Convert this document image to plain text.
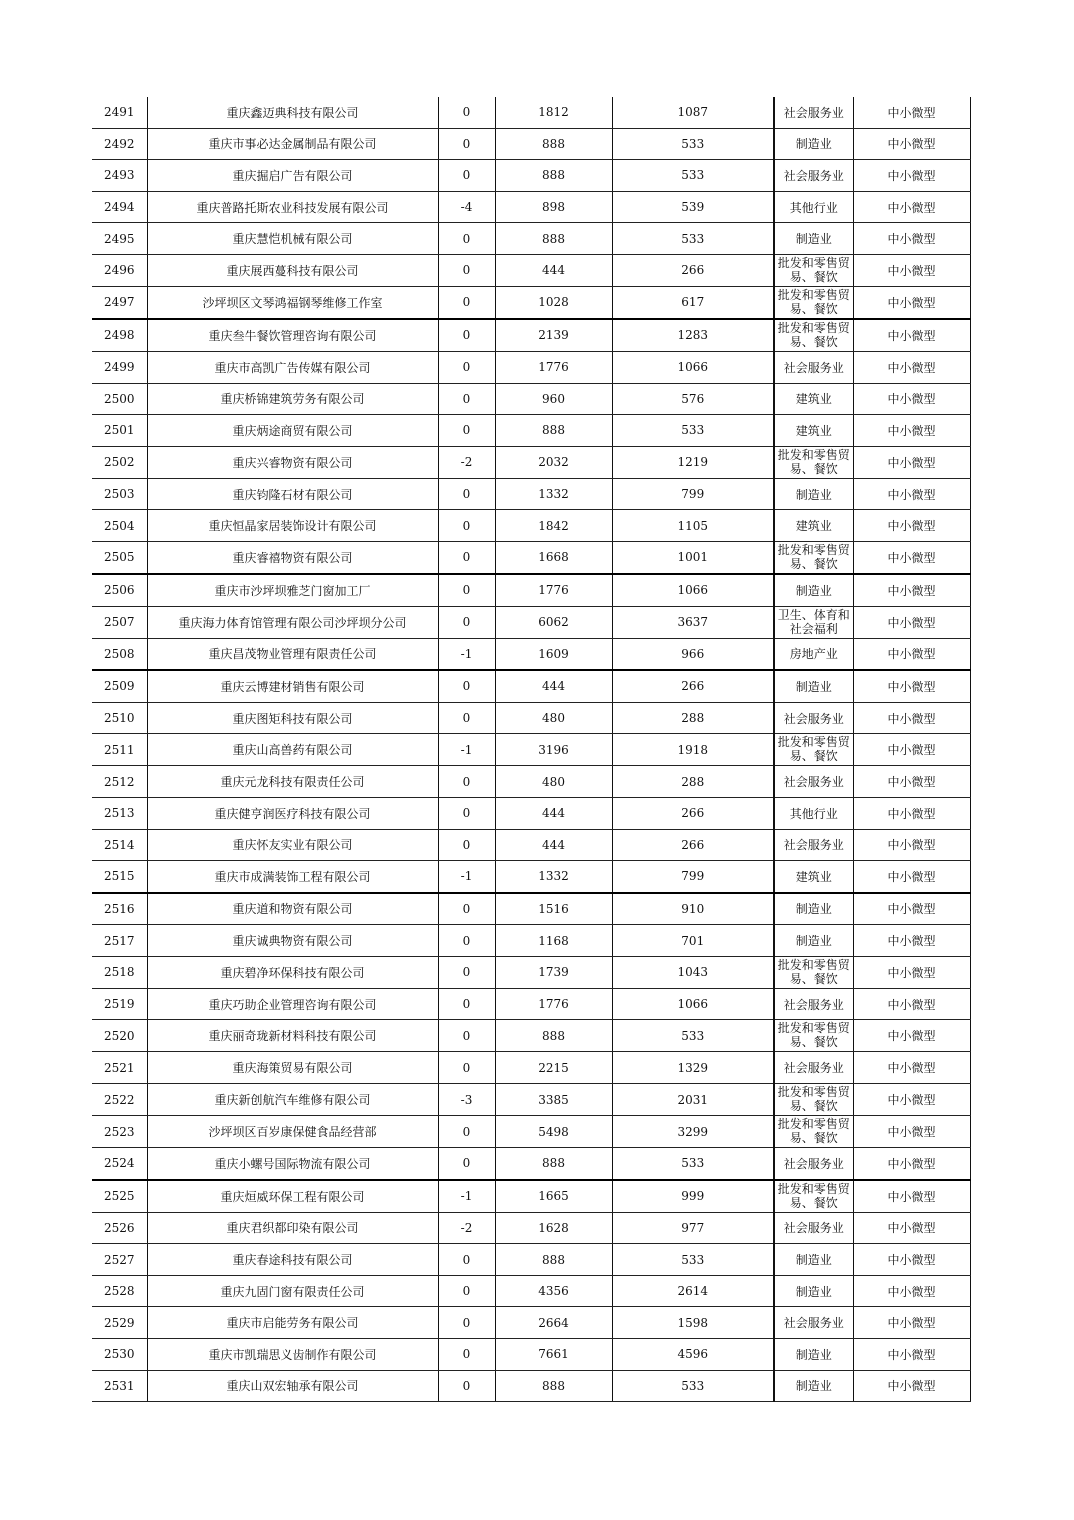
2491	重庆鑫迈典科技有限公司	0	1812	1087	社会服务业	中小微型
2492	重庆市事必达金属制品有限公司	0	888	533	制造业	中小微型
2493	重庆掘启广告有限公司	0	888	533	社会服务业	中小微型
2494	重庆普路托斯农业科技发展有限公司	-4	898	539	其他行业	中小微型
2495	重庆慧恺机械有限公司	0	888	533	制造业	中小微型
2496	重庆展西蔓科技有限公司	0	444	266	批发和零售贸易、餐饮	中小微型
2497	沙坪坝区文琴鸿福钢琴维修工作室	0	1028	617	批发和零售贸易、餐饮	中小微型
2498	重庆叁牛餐饮管理咨询有限公司	0	2139	1283	批发和零售贸易、餐饮	中小微型
2499	重庆市高凯广告传媒有限公司	0	1776	1066	社会服务业	中小微型
2500	重庆桥锦建筑劳务有限公司	0	960	576	建筑业	中小微型
2501	重庆炳途商贸有限公司	0	888	533	建筑业	中小微型
2502	重庆兴睿物资有限公司	-2	2032	1219	批发和零售贸易、餐饮	中小微型
2503	重庆钧隆石材有限公司	0	1332	799	制造业	中小微型
2504	重庆恒晶家居装饰设计有限公司	0	1842	1105	建筑业	中小微型
2505	重庆睿禧物资有限公司	0	1668	1001	批发和零售贸易、餐饮	中小微型
2506	重庆市沙坪坝雅芝门窗加工厂	0	1776	1066	制造业	中小微型
2507	重庆海力体育馆管理有限公司沙坪坝分公司	0	6062	3637	卫生、体育和社会福利	中小微型
2508	重庆昌茂物业管理有限责任公司	-1	1609	966	房地产业	中小微型
2509	重庆云博建材销售有限公司	0	444	266	制造业	中小微型
2510	重庆图矩科技有限公司	0	480	288	社会服务业	中小微型
2511	重庆山高兽药有限公司	-1	3196	1918	批发和零售贸易、餐饮	中小微型
2512	重庆元龙科技有限责任公司	0	480	288	社会服务业	中小微型
2513	重庆健亨润医疗科技有限公司	0	444	266	其他行业	中小微型
2514	重庆怀友实业有限公司	0	444	266	社会服务业	中小微型
2515	重庆市成满装饰工程有限公司	-1	1332	799	建筑业	中小微型
2516	重庆道和物资有限公司	0	1516	910	制造业	中小微型
2517	重庆诚典物资有限公司	0	1168	701	制造业	中小微型
2518	重庆碧净环保科技有限公司	0	1739	1043	批发和零售贸易、餐饮	中小微型
2519	重庆巧助企业管理咨询有限公司	0	1776	1066	社会服务业	中小微型
2520	重庆丽奇珑新材料科技有限公司	0	888	533	批发和零售贸易、餐饮	中小微型
2521	重庆海策贸易有限公司	0	2215	1329	社会服务业	中小微型
2522	重庆新创航汽车维修有限公司	-3	3385	2031	批发和零售贸易、餐饮	中小微型
2523	沙坪坝区百岁康保健食品经营部	0	5498	3299	批发和零售贸易、餐饮	中小微型
2524	重庆小螺号国际物流有限公司	0	888	533	社会服务业	中小微型
2525	重庆烜威环保工程有限公司	-1	1665	999	批发和零售贸易、餐饮	中小微型
2526	重庆君织都印染有限公司	-2	1628	977	社会服务业	中小微型
2527	重庆春途科技有限公司	0	888	533	制造业	中小微型
2528	重庆九固门窗有限责任公司	0	4356	2614	制造业	中小微型
2529	重庆市启能劳务有限公司	0	2664	1598	社会服务业	中小微型
2530	重庆市凯瑞思义齿制作有限公司	0	7661	4596	制造业	中小微型
2531	重庆山双宏轴承有限公司	0	888	533	制造业	中小微型
